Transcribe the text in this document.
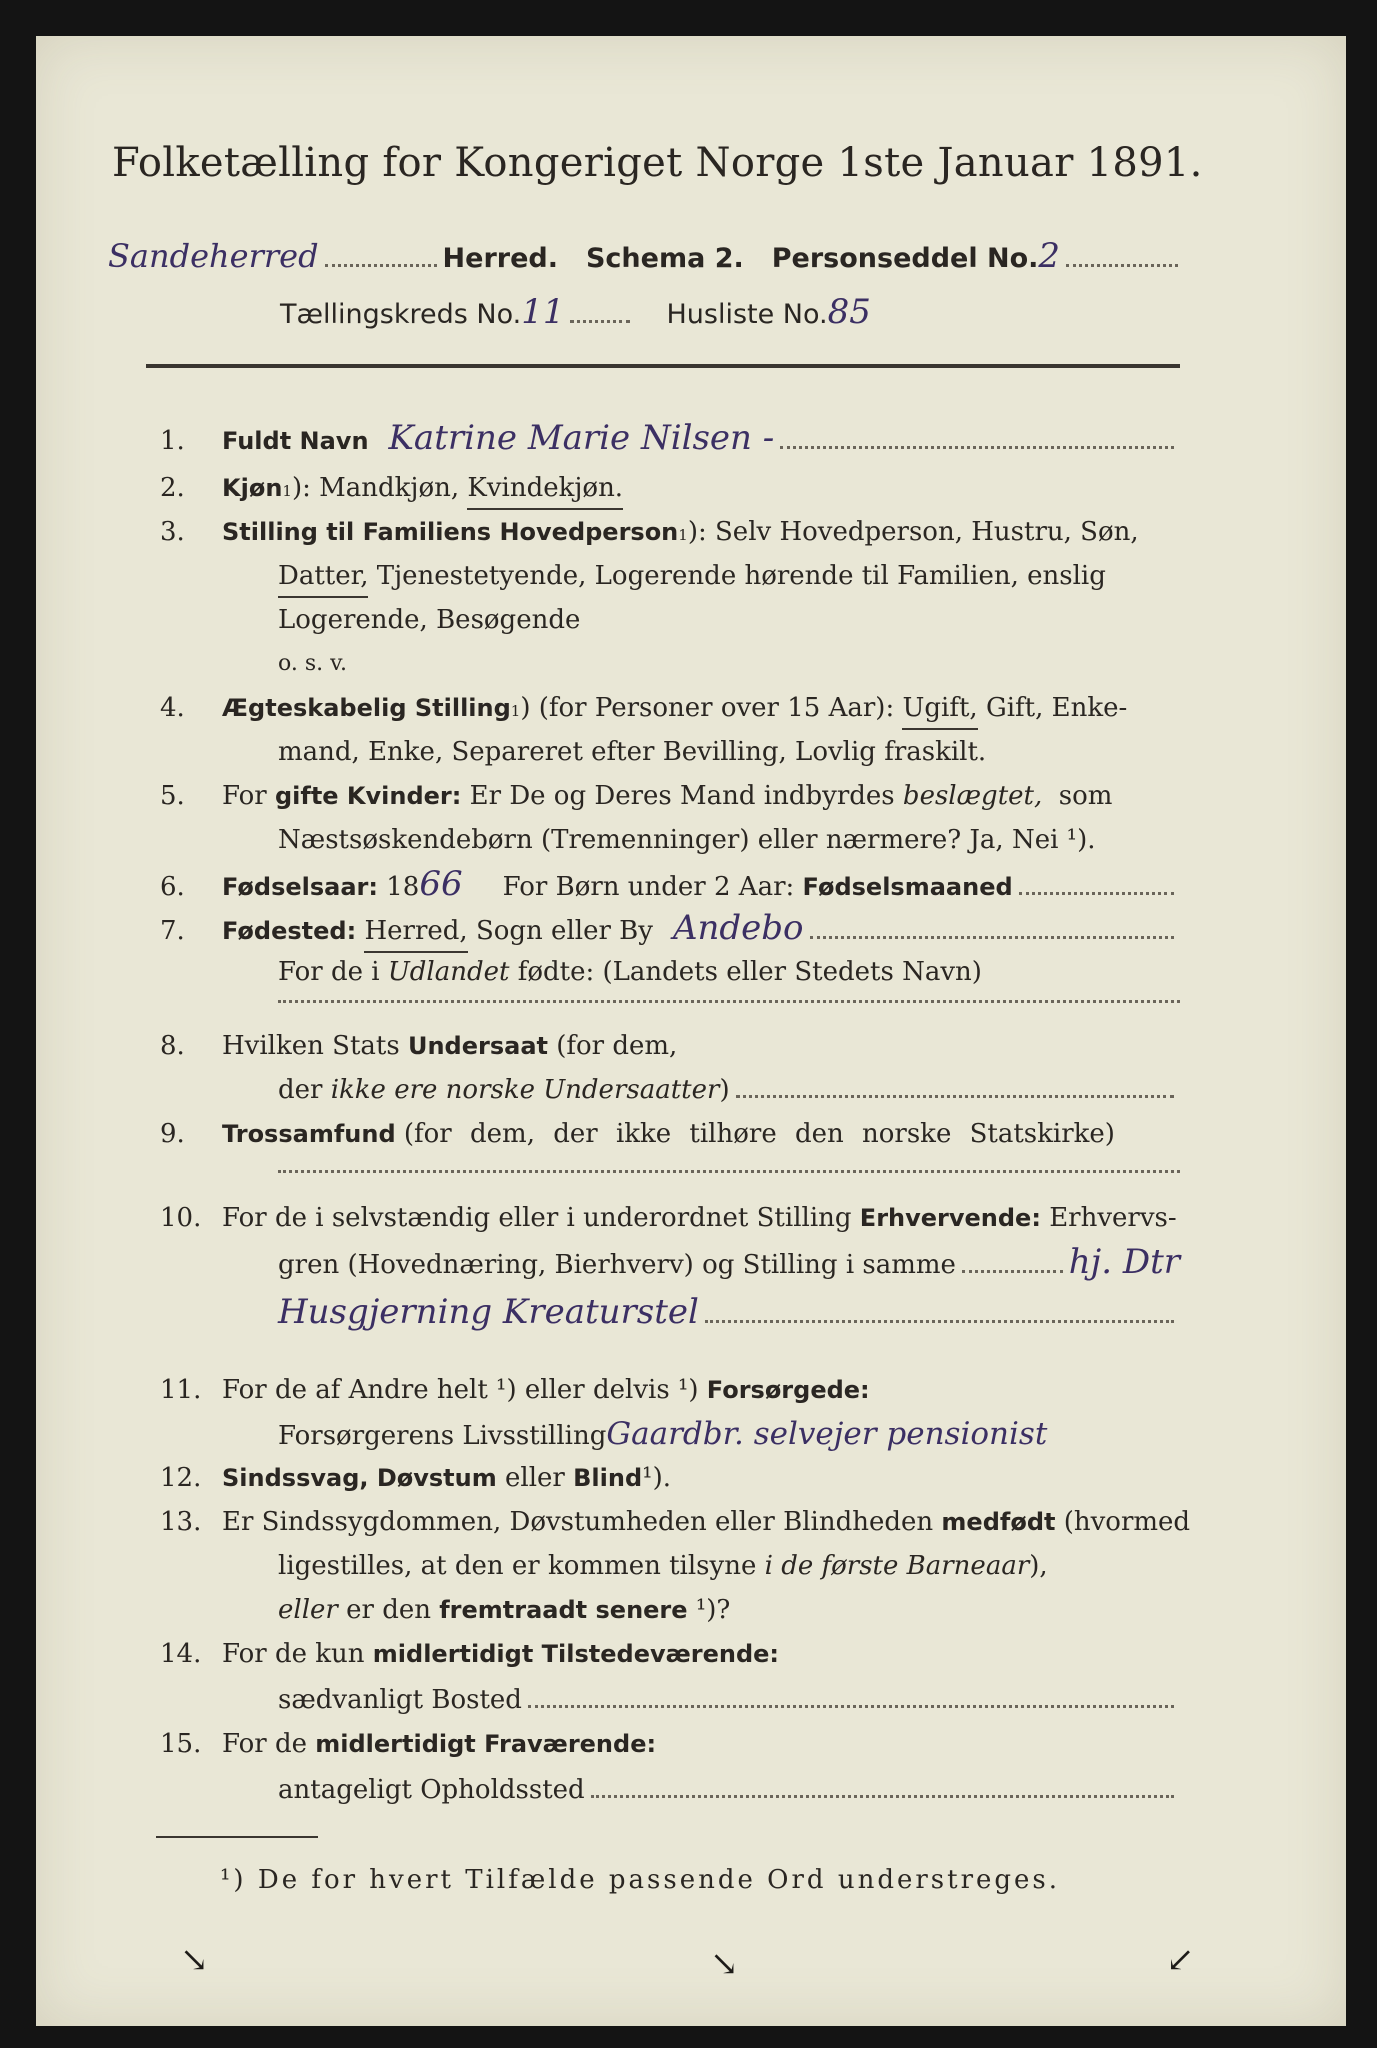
Folketælling for Kongeriget Norge 1ste Januar 1891.
Sandeherred	Herred. Schema 2. Personseddel No. 2
Tællingskreds No. 11	Husliste No. 85
1.	Fuldt Navn Katrine Marie Nilsen -
2.	Kjøn 1 ): Mandkjøn,
Kvindekjøn.
3.	Stilling til Familiens Hovedperson 1 ): Selv Hovedperson, Hustru, Søn,
Datter,
Tjenestetyende, Logerende hørende til Familien, enslig
Logerende, Besøgende
o. s. v.
4.	Ægteskabelig Stilling 1 ) (for Personer over 15 Aar):
Ugift,
Gift, Enke-
mand, Enke, Separeret efter Bevilling, Lovlig fraskilt.
5.	For
gifte Kvinder:
Er De og Deres Mand indbyrdes
beslægtet,
som
Næstsøskendebørn (Tremenninger) eller nærmere? Ja, Nei ¹).
6.	Fødselsaar:
18 66 For Børn under 2 Aar:
Fødselsmaaned
7.	Fødested:
Herred,
Sogn eller By Andebo
For de i
Udlandet
fødte: (Landets eller Stedets Navn)
8.	Hvilken Stats
Undersaat
(for dem,
der
ikke ere norske Undersaatter )
9.	Trossamfund
(for dem, der ikke tilhøre den norske Statskirke)
10. For de i selvstændig eller i underordnet Stilling
Erhvervende:
Erhvervs-
gren (Hovednæring, Bierhverv) og Stilling i samme	hj. Dtr
Husgjerning Kreaturstel
11. For de af Andre helt ¹) eller delvis ¹)
Forsørgede:
Forsørgerens Livsstilling Gaardbr. selvejer pensionist
12. Sindssvag, Døvstum
eller
Blind ¹).
13. Er Sindssygdommen, Døvstumheden eller Blindheden
medfødt
(hvormed
ligestilles, at den er kommen tilsyne
i de første Barneaar ),
eller
er den
fremtraadt senere
¹)?
14. For de kun
midlertidigt Tilstedeværende:
sædvanligt Bosted
15. For de
midlertidigt Fraværende:
antageligt Opholdssted
¹)
De for hvert Tilfælde passende Ord understreges.
↘	↘	↙
